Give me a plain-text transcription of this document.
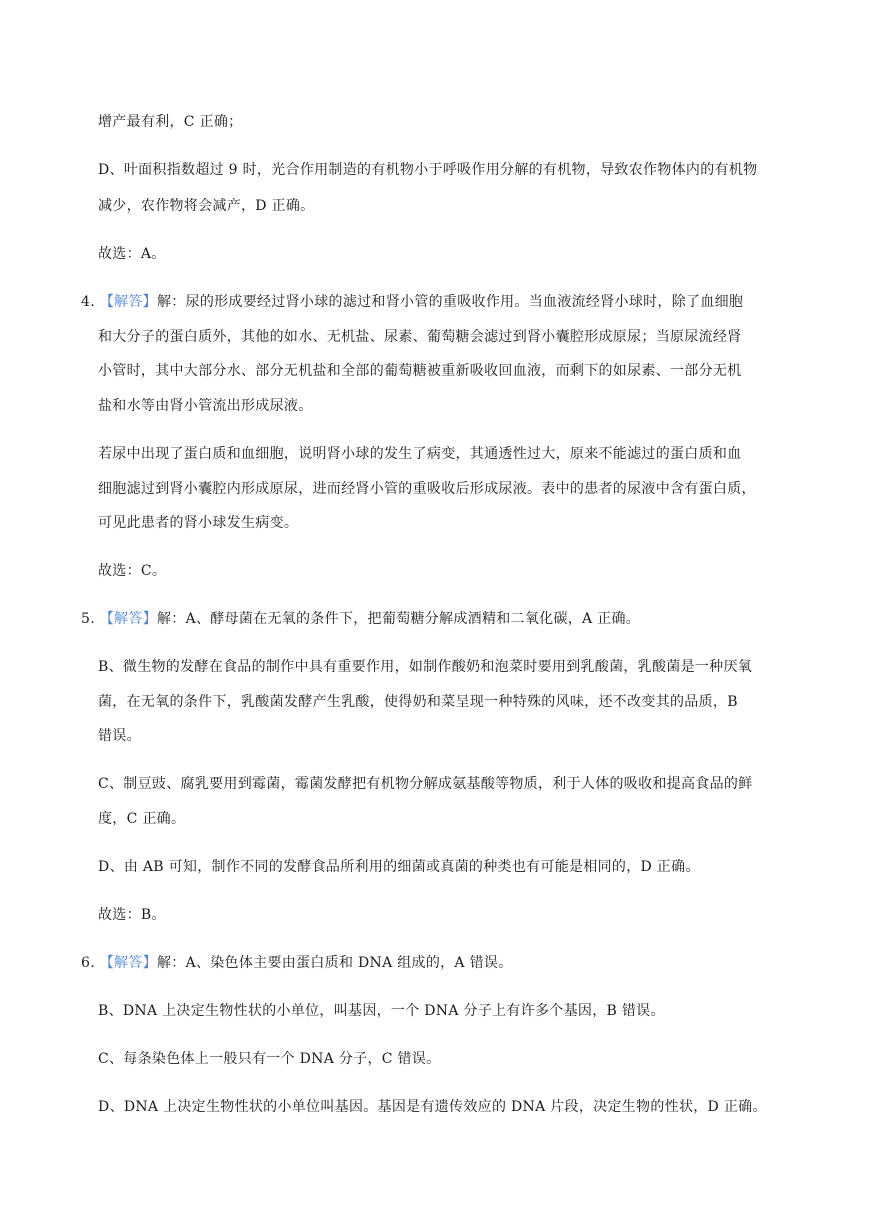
增产最有利，C 正确；
D、叶面积指数超过 9 时，光合作用制造的有机物小于呼吸作用分解的有机物，导致农作物体内的有机物
减少，农作物将会减产，D 正确。
故选：A。
4. 【解答】解：尿的形成要经过肾小球的滤过和肾小管的重吸收作用。当血液流经肾小球时，除了血细胞
和大分子的蛋白质外，其他的如水、无机盐、尿素、葡萄糖会滤过到肾小囊腔形成原尿；当原尿流经肾
小管时，其中大部分水、部分无机盐和全部的葡萄糖被重新吸收回血液，而剩下的如尿素、一部分无机
盐和水等由肾小管流出形成尿液。
若尿中出现了蛋白质和血细胞，说明肾小球的发生了病变，其通透性过大，原来不能滤过的蛋白质和血
细胞滤过到肾小囊腔内形成原尿，进而经肾小管的重吸收后形成尿液。表中的患者的尿液中含有蛋白质，
可见此患者的肾小球发生病变。
故选：C。
5. 【解答】解：A、酵母菌在无氧的条件下，把葡萄糖分解成酒精和二氧化碳，A 正确。
B、微生物的发酵在食品的制作中具有重要作用，如制作酸奶和泡菜时要用到乳酸菌，乳酸菌是一种厌氧
菌，在无氧的条件下，乳酸菌发酵产生乳酸，使得奶和菜呈现一种特殊的风味，还不改变其的品质，B
错误。
C、制豆豉、腐乳要用到霉菌，霉菌发酵把有机物分解成氨基酸等物质，利于人体的吸收和提高食品的鲜
度，C 正确。
D、由 AB 可知，制作不同的发酵食品所利用的细菌或真菌的种类也有可能是相同的，D 正确。
故选：B。
6. 【解答】解：A、染色体主要由蛋白质和 DNA 组成的，A 错误。
B、DNA 上决定生物性状的小单位，叫基因，一个 DNA 分子上有许多个基因，B 错误。
C、每条染色体上一般只有一个 DNA 分子，C 错误。
D、DNA 上决定生物性状的小单位叫基因。基因是有遗传效应的 DNA 片段，决定生物的性状，D 正确。
